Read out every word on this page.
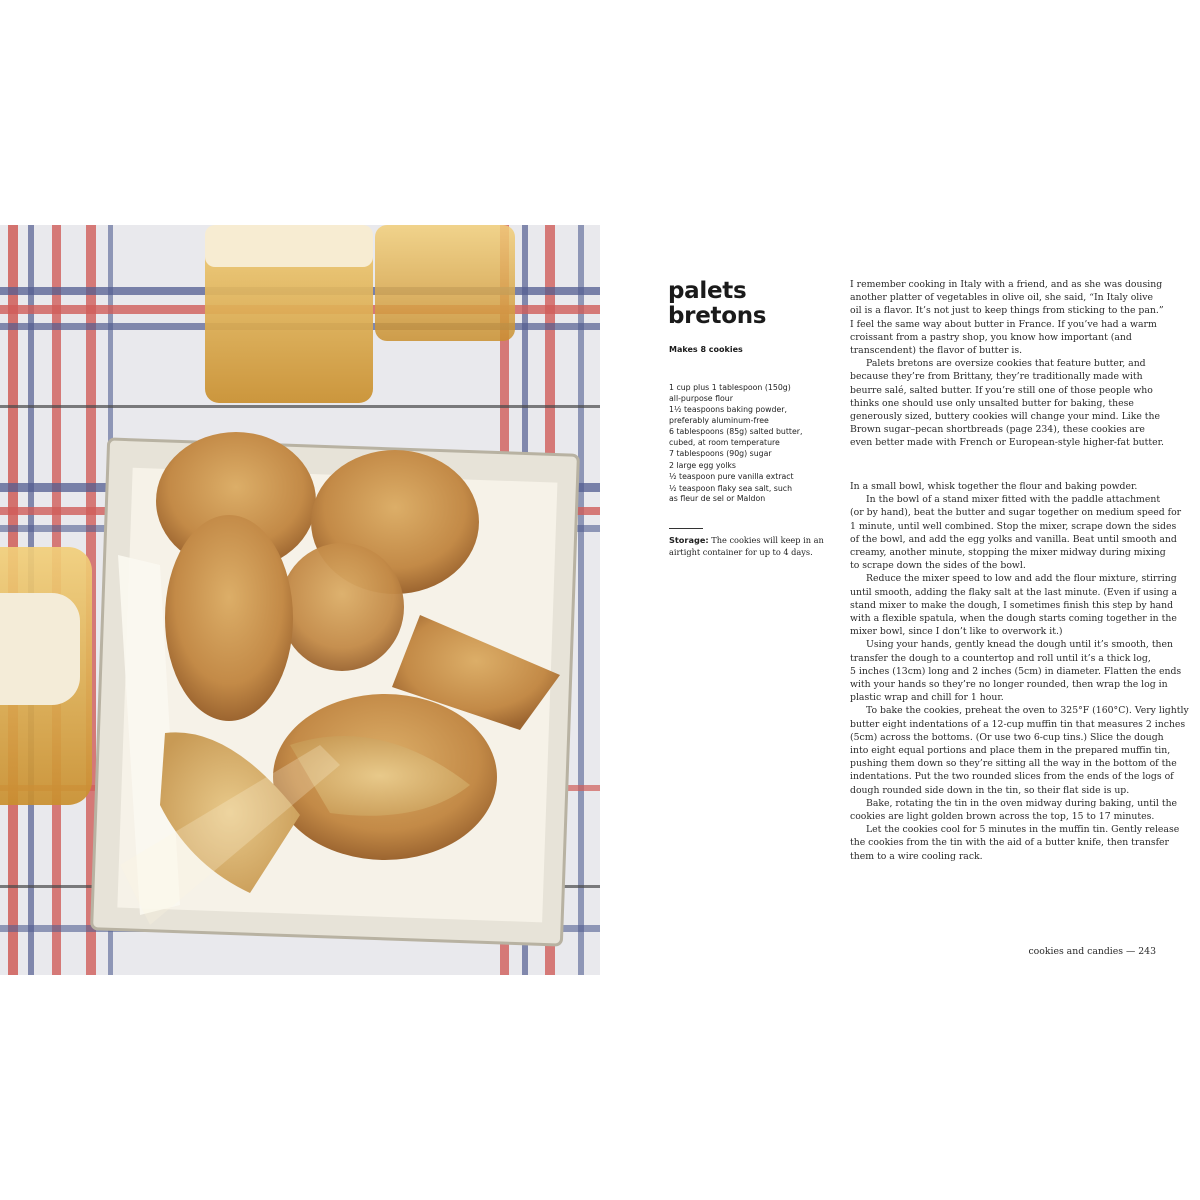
palets
bretons

Makes 8 cookies

1 cup plus 1 tablespoon (150g)
all-purpose flour
1½ teaspoons baking powder,
preferably aluminum-free
6 tablespoons (85g) salted butter,
cubed, at room temperature
7 tablespoons (90g) sugar
2 large egg yolks
½ teaspoon pure vanilla extract
½ teaspoon flaky sea salt, such
as fleur de sel or Maldon

Storage: The cookies will keep in an
airtight container for up to 4 days.

I remember cooking in Italy with a friend, and as she was dousing
another platter of vegetables in olive oil, she said, “In Italy olive
oil is a flavor. It’s not just to keep things from sticking to the pan.”
I feel the same way about butter in France. If you’ve had a warm
croissant from a pastry shop, you know how important (and
transcendent) the flavor of butter is.

Palets bretons are oversize cookies that feature butter, and
because they’re from Brittany, they’re traditionally made with
beurre salé, salted butter. If you’re still one of those people who
thinks one should use only unsalted butter for baking, these
generously sized, buttery cookies will change your mind. Like the
Brown sugar–pecan shortbreads (page 234), these cookies are
even better made with French or European-style higher-fat butter.

In a small bowl, whisk together the flour and baking powder.

In the bowl of a stand mixer fitted with the paddle attachment
(or by hand), beat the butter and sugar together on medium speed for
1 minute, until well combined. Stop the mixer, scrape down the sides
of the bowl, and add the egg yolks and vanilla. Beat until smooth and
creamy, another minute, stopping the mixer midway during mixing
to scrape down the sides of the bowl.

Reduce the mixer speed to low and add the flour mixture, stirring
until smooth, adding the flaky salt at the last minute. (Even if using a
stand mixer to make the dough, I sometimes finish this step by hand
with a flexible spatula, when the dough starts coming together in the
mixer bowl, since I don’t like to overwork it.)

Using your hands, gently knead the dough until it’s smooth, then
transfer the dough to a countertop and roll until it’s a thick log,
5 inches (13cm) long and 2 inches (5cm) in diameter. Flatten the ends
with your hands so they’re no longer rounded, then wrap the log in
plastic wrap and chill for 1 hour.

To bake the cookies, preheat the oven to 325°F (160°C). Very lightly
butter eight indentations of a 12-cup muffin tin that measures 2 inches
(5cm) across the bottoms. (Or use two 6-cup tins.) Slice the dough
into eight equal portions and place them in the prepared muffin tin,
pushing them down so they’re sitting all the way in the bottom of the
indentations. Put the two rounded slices from the ends of the logs of
dough rounded side down in the tin, so their flat side is up.

Bake, rotating the tin in the oven midway during baking, until the
cookies are light golden brown across the top, 15 to 17 minutes.

Let the cookies cool for 5 minutes in the muffin tin. Gently release
the cookies from the tin with the aid of a butter knife, then transfer
them to a wire cooling rack.

cookies and candies — 243
